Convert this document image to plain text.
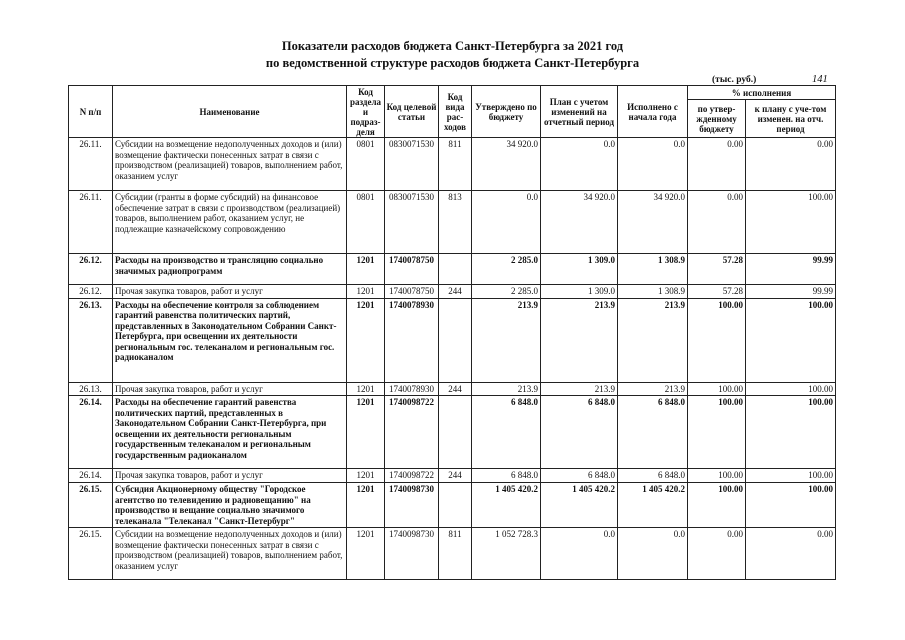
Показатели расходов бюджета Санкт-Петербурга за 2021 год
по ведомственной структуре расходов бюджета Санкт-Петербурга
(тыс. руб.)	141
N п/п	Наименование	Код раздела и подраз-деля	Код целевой статьи	Код вида рас-ходов	Утверждено по бюджету	План с учетом изменений на отчетный период	Исполнено с начала года	% исполнения	
								по утвер-жденному бюджету	к плану с уче-том изменен. на отч. период
26.11.	Субсидии на возмещение недополученных доходов и (или) возмещение фактически понесенных затрат в связи с производством (реализацией) товаров, выполнением работ, оказанием услуг	0801	0830071530	811	34 920.0	0.0	0.0	0.00	0.00
26.11.	Субсидии (гранты в форме субсидий) на финансовое обеспечение затрат в связи с производством (реализацией) товаров, выполнением работ, оказанием услуг, не подлежащие казначейскому сопровождению	0801	0830071530	813	0.0	34 920.0	34 920.0	0.00	100.00
26.12.	Расходы на производство и трансляцию социально значимых радиопрограмм	1201	1740078750		2 285.0	1 309.0	1 308.9	57.28	99.99
26.12.	Прочая закупка товаров, работ и услуг	1201	1740078750	244	2 285.0	1 309.0	1 308.9	57.28	99.99
26.13.	Расходы на обеспечение контроля за соблюдением гарантий равенства политических партий, представленных в Законодательном Собрании Санкт-Петербурга, при освещении их деятельности региональным гос. телеканалом и региональным гос. радиоканалом	1201	1740078930		213.9	213.9	213.9	100.00	100.00
26.13.	Прочая закупка товаров, работ и услуг	1201	1740078930	244	213.9	213.9	213.9	100.00	100.00
26.14.	Расходы на обеспечение гарантий равенства политических партий, представленных в Законодательном Собрании Санкт-Петербурга, при освещении их деятельности региональным государственным телеканалом и региональным государственным радиоканалом	1201	1740098722		6 848.0	6 848.0	6 848.0	100.00	100.00
26.14.	Прочая закупка товаров, работ и услуг	1201	1740098722	244	6 848.0	6 848.0	6 848.0	100.00	100.00
26.15.	Субсидия Акционерному обществу "Городское агентство по телевидению и радиовещанию" на производство и вещание социально значимого телеканала "Телеканал "Санкт-Петербург"	1201	1740098730		1 405 420.2	1 405 420.2	1 405 420.2	100.00	100.00
26.15.	Субсидии на возмещение недополученных доходов и (или) возмещение фактически понесенных затрат в связи с производством (реализацией) товаров, выполнением работ, оказанием услуг	1201	1740098730	811	1 052 728.3	0.0	0.0	0.00	0.00
